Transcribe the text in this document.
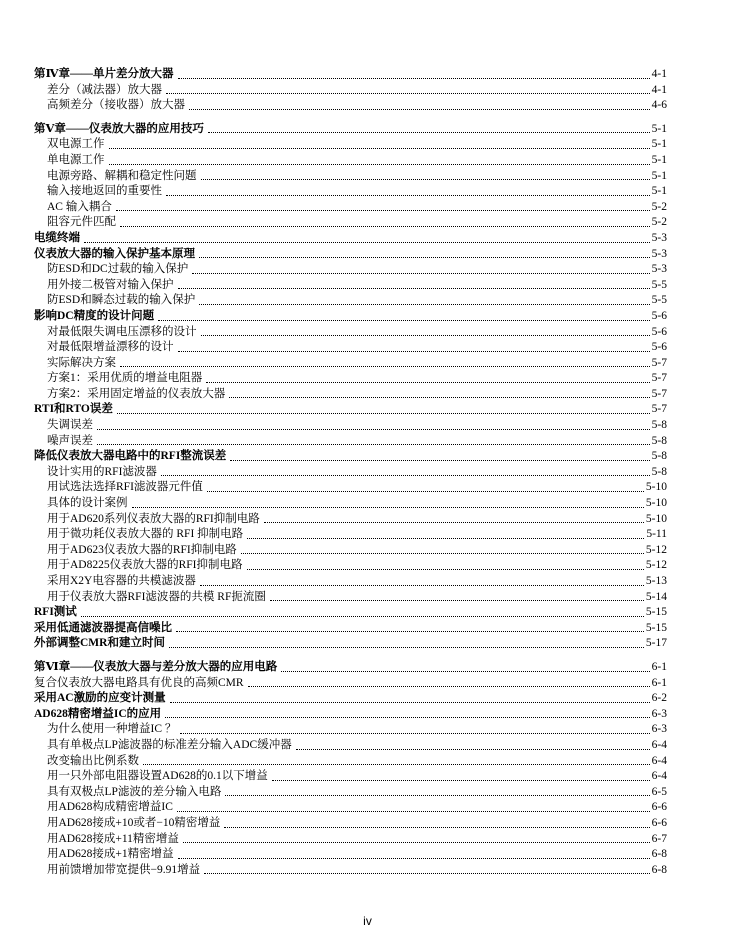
第Ⅳ章——单片差分放大器	4-1
差分（减法器）放大器	4-1
高频差分（接收器）放大器	4-6
第Ⅴ章——仪表放大器的应用技巧	5-1
双电源工作	5-1
单电源工作	5-1
电源旁路、解耦和稳定性问题	5-1
输入接地返回的重要性	5-1
AC 输入耦合	5-2
阻容元件匹配	5-2
电缆终端	5-3
仪表放大器的输入保护基本原理	5-3
防ESD和DC过载的输入保护	5-3
用外接二极管对输入保护	5-5
防ESD和瞬态过载的输入保护	5-5
影响DC精度的设计问题	5-6
对最低限失调电压漂移的设计	5-6
对最低限增益漂移的设计	5-6
实际解决方案	5-7
方案1：采用优质的增益电阻器	5-7
方案2：采用固定增益的仪表放大器	5-7
RTI和RTO误差	5-7
失调误差	5-8
噪声误差	5-8
降低仪表放大器电路中的RFI整流误差	5-8
设计实用的RFI滤波器	5-8
用试选法选择RFI滤波器元件值	5-10
具体的设计案例	5-10
用于AD620系列仪表放大器的RFI抑制电路	5-10
用于微功耗仪表放大器的 RFI 抑制电路	5-11
用于AD623仪表放大器的RFI抑制电路	5-12
用于AD8225仪表放大器的RFI抑制电路	5-12
采用X2Y电容器的共模滤波器	5-13
用于仪表放大器RFI滤波器的共模 RF扼流圈	5-14
RFI测试	5-15
采用低通滤波器提高信噪比	5-15
外部调整CMR和建立时间	5-17
第Ⅵ章——仪表放大器与差分放大器的应用电路	6-1
复合仪表放大器电路具有优良的高频CMR	6-1
采用AC激励的应变计测量	6-2
AD628精密增益IC的应用	6-3
为什么使用一种增益IC ？	6-3
具有单极点LP滤波器的标准差分输入ADC缓冲器	6-4
改变输出比例系数	6-4
用一只外部电阻器设置AD628的0.1以下增益	6-4
具有双极点LP滤波的差分输入电路	6-5
用AD628构成精密增益IC	6-6
用AD628接成+10或者−10精密增益	6-6
用AD628接成+11精密增益	6-7
用AD628接成+1精密增益	6-8
用前馈增加带宽提供−9.91增益	6-8
iv
